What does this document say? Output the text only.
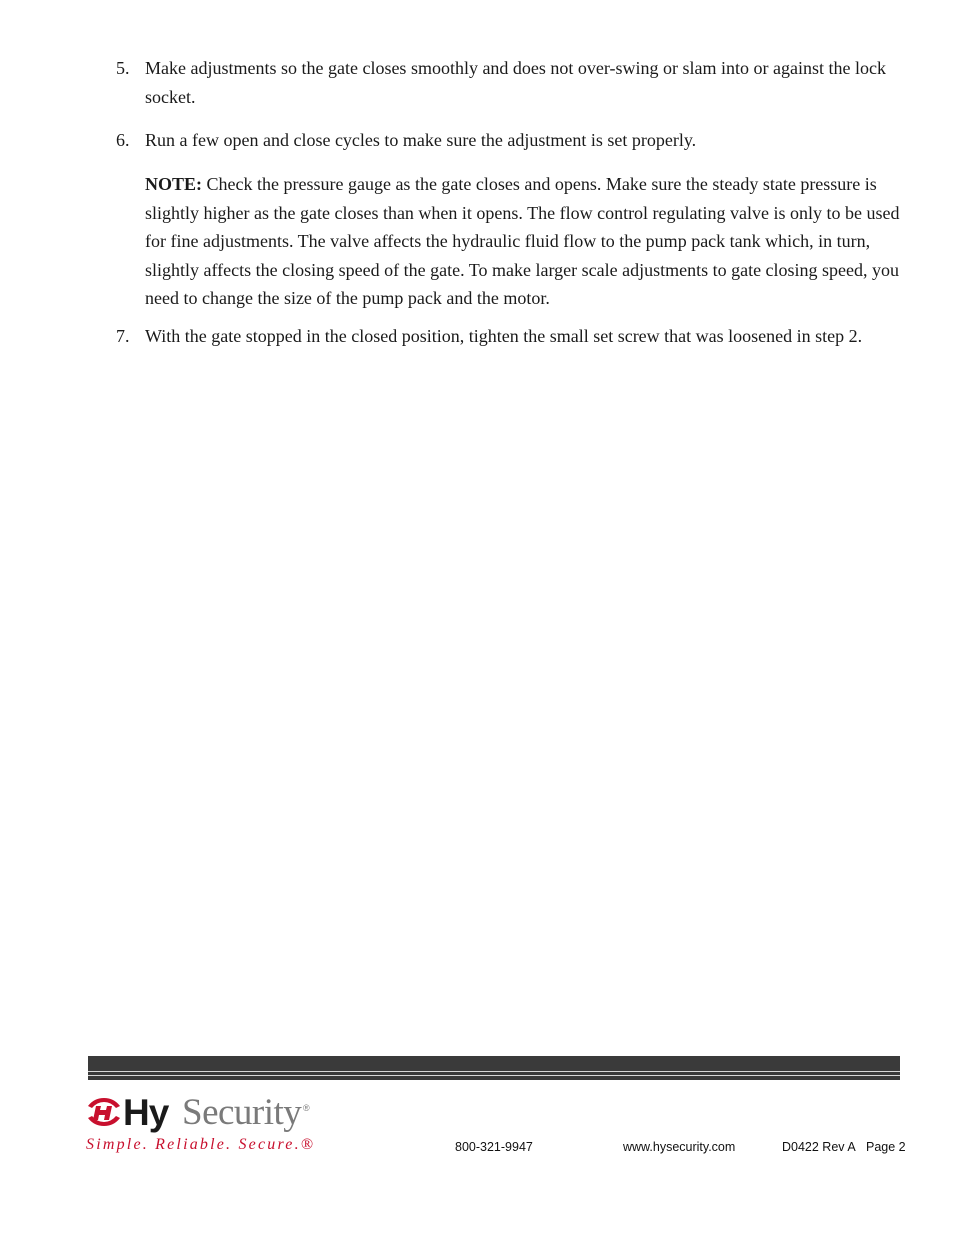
5. Make adjustments so the gate closes smoothly and does not over-swing or slam into or against the lock
socket.
6. Run a few open and close cycles to make sure the adjustment is set properly.
NOTE: Check the pressure gauge as the gate closes and opens. Make sure the steady state pressure is
slightly higher as the gate closes than when it opens. The flow control regulating valve is only to be used
for fine adjustments. The valve affects the hydraulic fluid flow to the pump pack tank which, in turn,
slightly affects the closing speed of the gate. To make larger scale adjustments to gate closing speed, you
need to change the size of the pump pack and the motor.
7. With the gate stopped in the closed position, tighten the small set screw that was loosened in step 2.
Hy Security ®
Simple. Reliable. Secure.®	800-321-9947	www.hysecurity.com	D0422 Rev A Page 2
